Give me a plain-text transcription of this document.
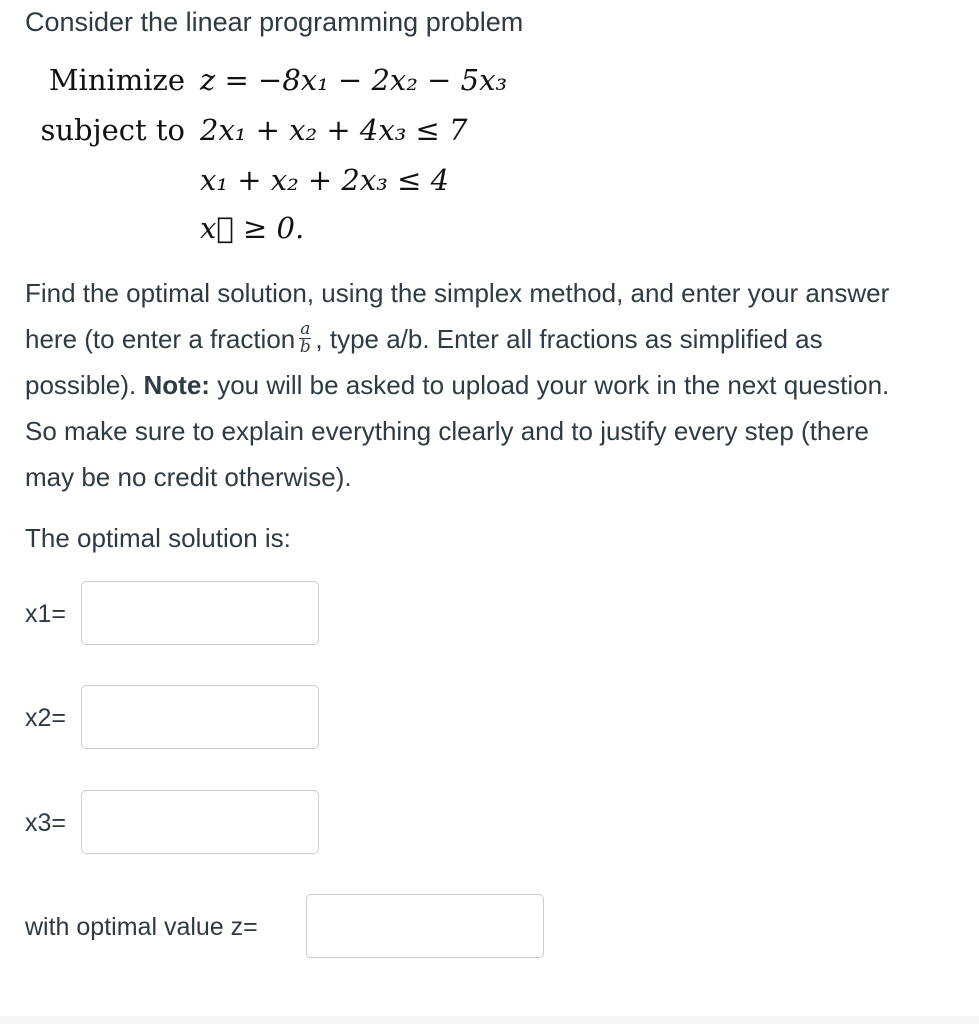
Consider the linear programming problem
Minimize z = −8x₁ − 2x₂ − 5x₃
subject to 2x₁ + x₂ + 4x₃ ≤ 7
x₁ + x₂ + 2x₃ ≤ 4
x⃗ ≥ 0.

Find the optimal solution, using the simplex method, and enter your answer here (to enter a fraction $\frac{a}{b}$ , type a/b. Enter all fractions as simplified as possible). Note: you will be asked to upload your work in the next question. So make sure to explain everything clearly and to justify every step (there may be no credit otherwise).

The optimal solution is:
x1=
x2=
x3=
with optimal value z=
